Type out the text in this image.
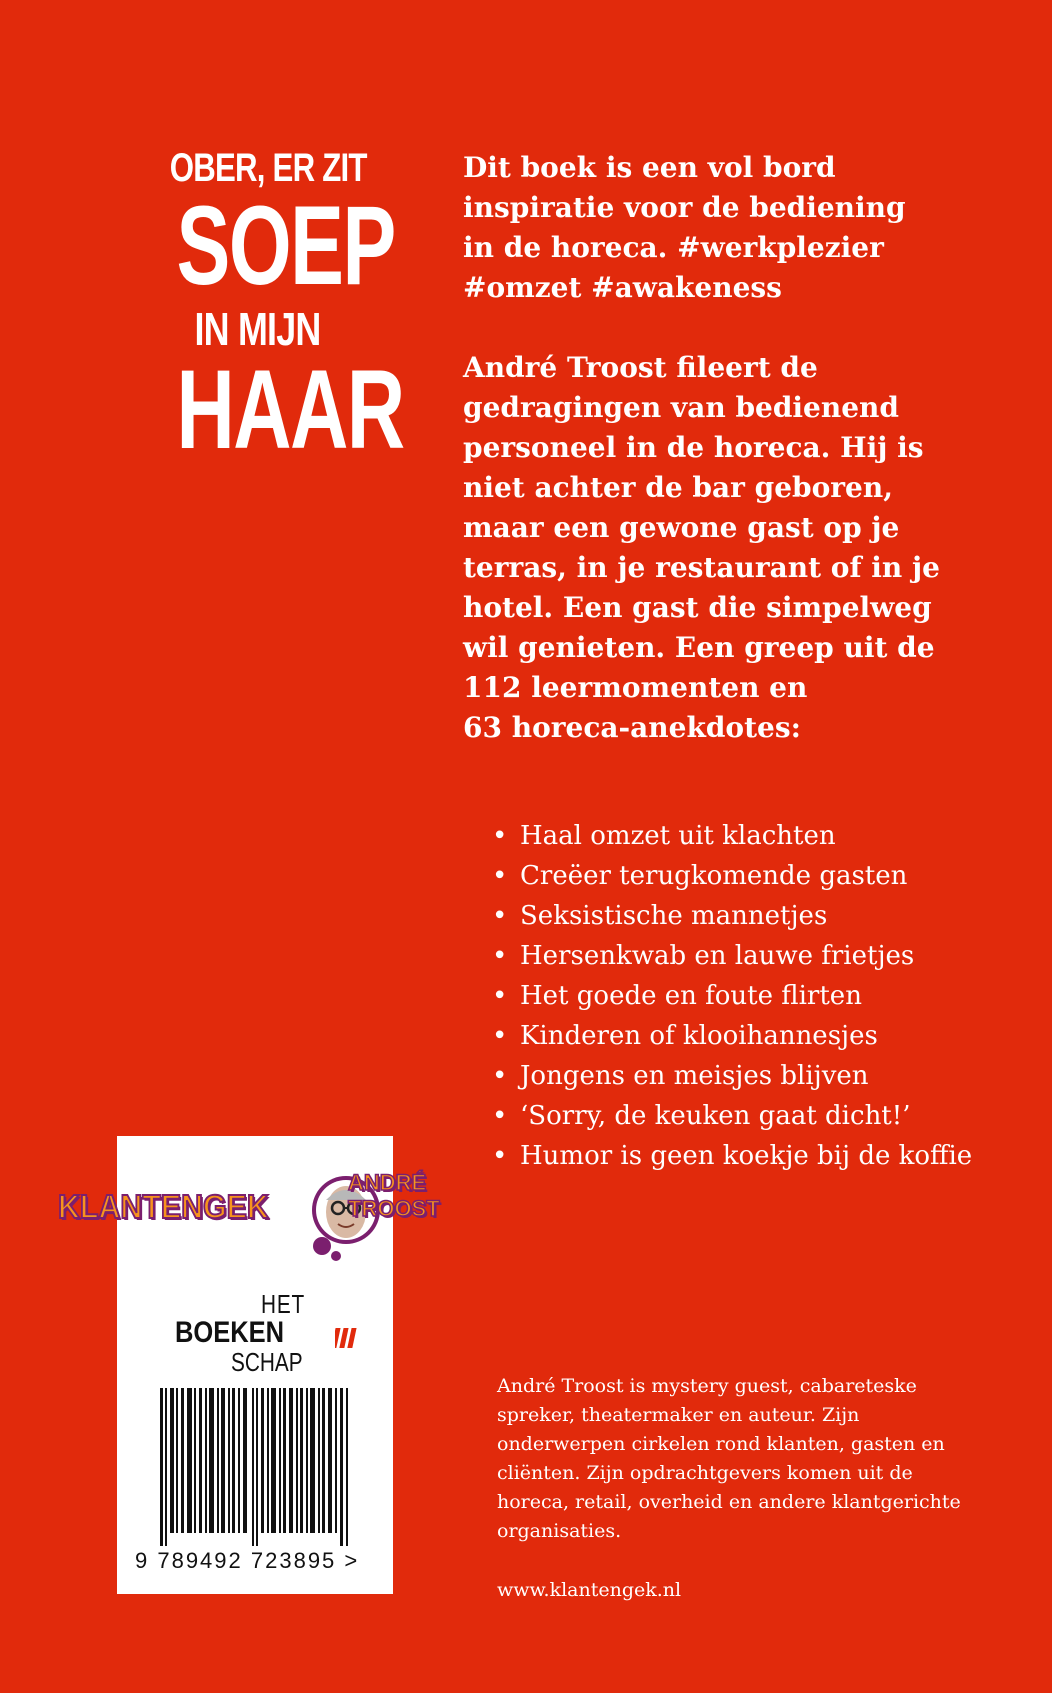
OBER, ER ZIT
SOEP
IN MIJN
HAAR

Dit boek is een vol bord
inspiratie voor de bediening
in de horeca. #werkplezier
#omzet #awakeness

André Troost fileert de
gedragingen van bedienend
personeel in de horeca. Hij is
niet achter de bar geboren,
maar een gewone gast op je
terras, in je restaurant of in je
hotel. Een gast die simpelweg
wil genieten. Een greep uit de
112 leermomenten en
63 horeca-anekdotes:

• Haal omzet uit klachten
• Creëer terugkomende gasten
• Seksistische mannetjes
• Hersenkwab en lauwe frietjes
• Het goede en foute flirten
• Kinderen of klooihannesjes
• Jongens en meisjes blijven
• ‘Sorry, de keuken gaat dicht!’
• Humor is geen koekje bij de koffie

André Troost is mystery guest, cabareteske
spreker, theatermaker en auteur. Zijn
onderwerpen cirkelen rond klanten, gasten en
cliënten. Zijn opdrachtgevers komen uit de
horeca, retail, overheid en andere klantgerichte
organisaties.

www.klantengek.nl
KLANTENGEK
ANDRÉ
TROOST
HET
BOEKEN
SCHAP
9 789492 723895 >
